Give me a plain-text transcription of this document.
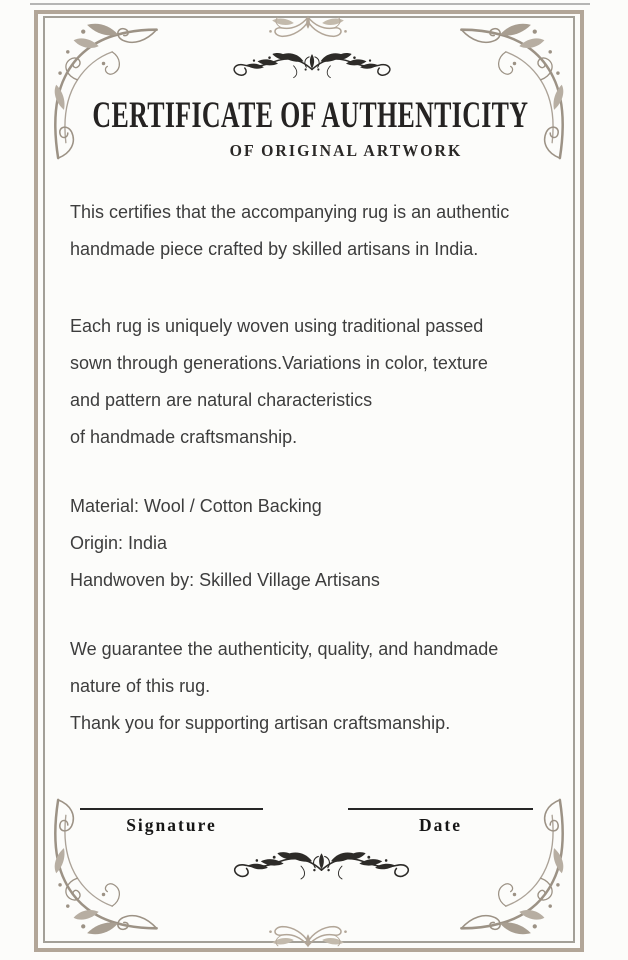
CERTIFICATE OF AUTHENTICITY
OF ORIGINAL ARTWORK
This certifies that the accompanying rug is an authentic
handmade piece crafted by skilled artisans in India.
Each rug is uniquely woven using traditional passed
sown through generations.Variations in color, texture
and pattern are natural characteristics
of handmade craftsmanship.
Material: Wool / Cotton Backing
Origin: India
Handwoven by: Skilled Village Artisans
We guarantee the authenticity, quality, and handmade
nature of this rug.
Thank you for supporting artisan craftsmanship.
Signature	Date
